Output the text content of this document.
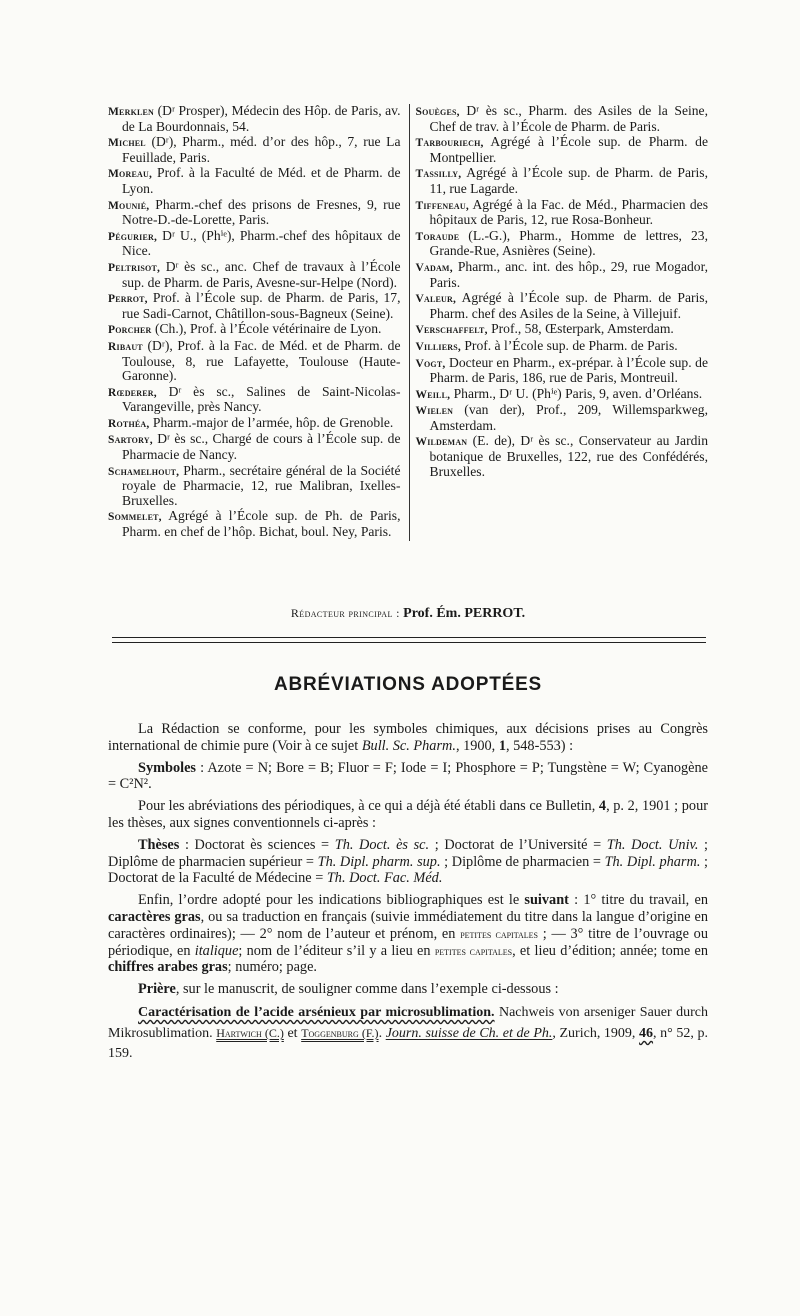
Merklen (Dʳ Prosper), Médecin des Hôp. de Paris, av. de La Bourdonnais, 54.

Michel (Dʳ), Pharm., méd. d’or des hôp., 7, rue La Feuillade, Paris.

Moreau, Prof. à la Faculté de Méd. et de Pharm. de Lyon.

Mounié, Pharm.-chef des prisons de Fresnes, 9, rue Notre-D.-de-Lorette, Paris.

Pégurier, Dʳ U., (Phⁱᵉ), Pharm.-chef des hôpitaux de Nice.

Peltrisot, Dʳ ès sc., anc. Chef de travaux à l’École sup. de Pharm. de Paris, Avesne-sur-Helpe (Nord).

Perrot, Prof. à l’École sup. de Pharm. de Paris, 17, rue Sadi-Carnot, Châtillon-sous-Bagneux (Seine).

Porcher (Ch.), Prof. à l’École vétérinaire de Lyon.

Ribaut (Dʳ), Prof. à la Fac. de Méd. et de Pharm. de Toulouse, 8, rue Lafayette, Toulouse (Haute-Garonne).

Rœderer, Dʳ ès sc., Salines de Saint-Nicolas-Varangeville, près Nancy.

Rothéa, Pharm.-major de l’armée, hôp. de Grenoble.

Sartory, Dʳ ès sc., Chargé de cours à l’École sup. de Pharmacie de Nancy.

Schamelhout, Pharm., secrétaire général de la Société royale de Pharmacie, 12, rue Malibran, Ixelles-Bruxelles.

Sommelet, Agrégé à l’École sup. de Ph. de Paris, Pharm. en chef de l’hôp. Bichat, boul. Ney, Paris.

Souèges, Dʳ ès sc., Pharm. des Asiles de la Seine, Chef de trav. à l’École de Pharm. de Paris.

Tarbouriech, Agrégé à l’École sup. de Pharm. de Montpellier.

Tassilly, Agrégé à l’École sup. de Pharm. de Paris, 11, rue Lagarde.

Tiffeneau, Agrégé à la Fac. de Méd., Pharmacien des hôpitaux de Paris, 12, rue Rosa-Bonheur.

Toraude (L.-G.), Pharm., Homme de lettres, 23, Grande-Rue, Asnières (Seine).

Vadam, Pharm., anc. int. des hôp., 29, rue Mogador, Paris.

Valeur, Agrégé à l’École sup. de Pharm. de Paris, Pharm. chef des Asiles de la Seine, à Villejuif.

Verschaffelt, Prof., 58, Œsterpark, Amsterdam.

Villiers, Prof. à l’École sup. de Pharm. de Paris.

Vogt, Docteur en Pharm., ex-prépar. à l’École sup. de Pharm. de Paris, 186, rue de Paris, Montreuil.

Weill, Pharm., Dʳ U. (Phⁱᵉ) Paris, 9, aven. d’Orléans.

Wielen (van der), Prof., 209, Willemsparkweg, Amsterdam.

Wildeman (E. de), Dʳ ès sc., Conservateur au Jardin botanique de Bruxelles, 122, rue des Confédérés, Bruxelles.

Rédacteur principal : Prof. Ém. PERROT.
ABRÉVIATIONS ADOPTÉES

La Rédaction se conforme, pour les symboles chimiques, aux décisions prises au Congrès international de chimie pure (Voir à ce sujet Bull. Sc. Pharm., 1900, 1, 548-553) :

Symboles : Azote = N; Bore = B; Fluor = F; Iode = I; Phosphore = P; Tungstène = W; Cyanogène = C²N².

Pour les abréviations des périodiques, à ce qui a déjà été établi dans ce Bulletin, 4, p. 2, 1901 ; pour les thèses, aux signes conventionnels ci-après :

Thèses : Doctorat ès sciences = Th. Doct. ès sc. ; Doctorat de l’Université = Th. Doct. Univ. ; Diplôme de pharmacien supérieur = Th. Dipl. pharm. sup. ; Diplôme de pharmacien = Th. Dipl. pharm. ; Doctorat de la Faculté de Médecine = Th. Doct. Fac. Méd.

Enfin, l’ordre adopté pour les indications bibliographiques est le suivant : 1° titre du travail, en caractères gras, ou sa traduction en français (suivie immédiatement du titre dans la langue d’origine en caractères ordinaires); — 2° nom de l’auteur et prénom, en petites capitales ; — 3° titre de l’ouvrage ou périodique, en italique; nom de l’éditeur s’il y a lieu en petites capitales, et lieu d’édition; année; tome en chiffres arabes gras; numéro; page.

Prière, sur le manuscrit, de souligner comme dans l’exemple ci-dessous :

Caractérisation de l’acide arsénieux par microsublimation. Nachweis von arseniger Sauer durch Mikrosublimation. Hartwich (C.) et Toggenburg (F.). Journ. suisse de Ch. et de Ph., Zurich, 1909, 46, n° 52, p. 159.
